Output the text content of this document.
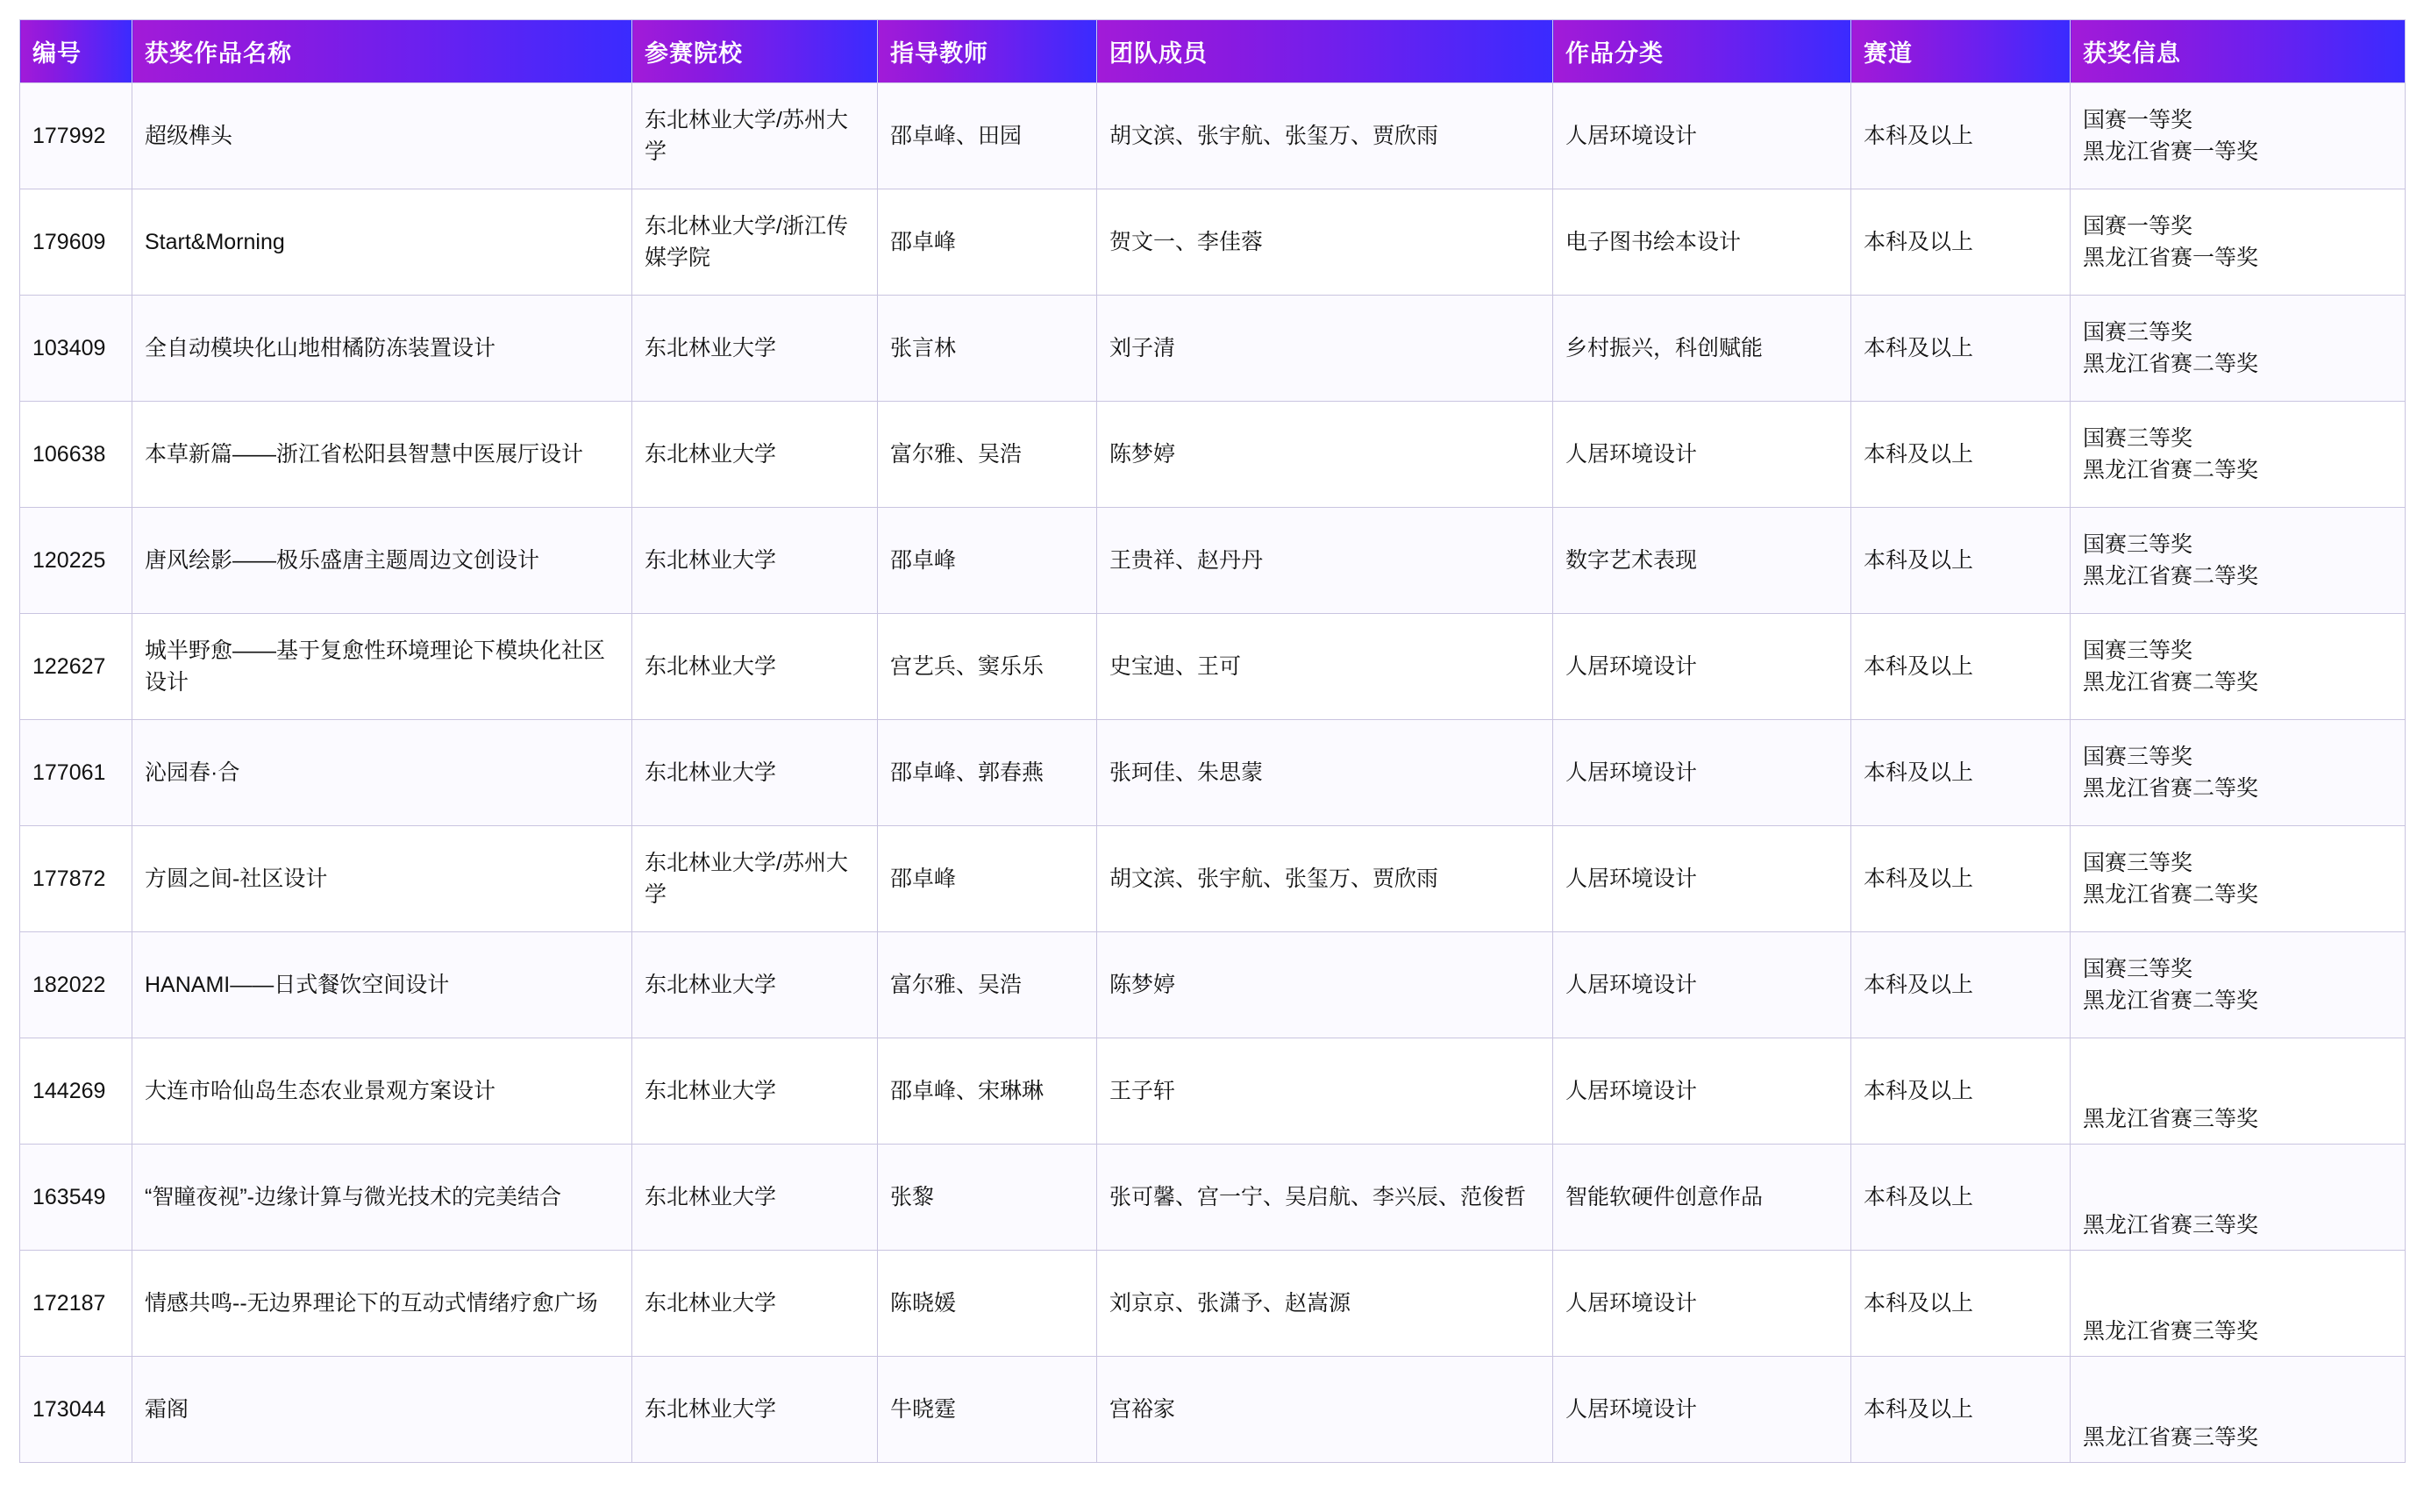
编号	获奖作品名称	参赛院校	指导教师	团队成员	作品分类	赛道	获奖信息
177992	超级榫头	东北林业大学/苏州大学	邵卓峰、田园	胡文滨、张宇航、张玺万、贾欣雨	人居环境设计	本科及以上	国赛一等奖
黑龙江省赛一等奖

179609	Start&Morning	东北林业大学/浙江传媒学院	邵卓峰	贺文一、李佳蓉	电子图书绘本设计	本科及以上	国赛一等奖
黑龙江省赛一等奖

103409	全自动模块化山地柑橘防冻装置设计	东北林业大学	张言林	刘子清	乡村振兴，科创赋能	本科及以上	国赛三等奖
黑龙江省赛二等奖

106638	本草新篇——浙江省松阳县智慧中医展厅设计	东北林业大学	富尔雅、吴浩	陈梦婷	人居环境设计	本科及以上	国赛三等奖
黑龙江省赛二等奖

120225	唐风绘影——极乐盛唐主题周边文创设计	东北林业大学	邵卓峰	王贵祥、赵丹丹	数字艺术表现	本科及以上	国赛三等奖
黑龙江省赛二等奖

122627	城半野愈——基于复愈性环境理论下模块化社区设计	东北林业大学	宫艺兵、窦乐乐	史宝迪、王可	人居环境设计	本科及以上	国赛三等奖
黑龙江省赛二等奖

177061	沁园春·合	东北林业大学	邵卓峰、郭春燕	张珂佳、朱思蒙	人居环境设计	本科及以上	国赛三等奖
黑龙江省赛二等奖

177872	方圆之间-社区设计	东北林业大学/苏州大学	邵卓峰	胡文滨、张宇航、张玺万、贾欣雨	人居环境设计	本科及以上	国赛三等奖
黑龙江省赛二等奖

182022	HANAMI——日式餐饮空间设计	东北林业大学	富尔雅、吴浩	陈梦婷	人居环境设计	本科及以上	国赛三等奖
黑龙江省赛二等奖

144269	大连市哈仙岛生态农业景观方案设计	东北林业大学	邵卓峰、宋琳琳	王子轩	人居环境设计	本科及以上	黑龙江省赛三等奖

163549	“智瞳夜视”-边缘计算与微光技术的完美结合	东北林业大学	张黎	张可馨、宫一宁、吴启航、李兴辰、范俊哲	智能软硬件创意作品	本科及以上	黑龙江省赛三等奖

172187	情感共鸣--无边界理论下的互动式情绪疗愈广场	东北林业大学	陈晓媛	刘京京、张潇予、赵嵩源	人居环境设计	本科及以上	黑龙江省赛三等奖

173044	霜阁	东北林业大学	牛晓霆	宫裕家	人居环境设计	本科及以上	黑龙江省赛三等奖
